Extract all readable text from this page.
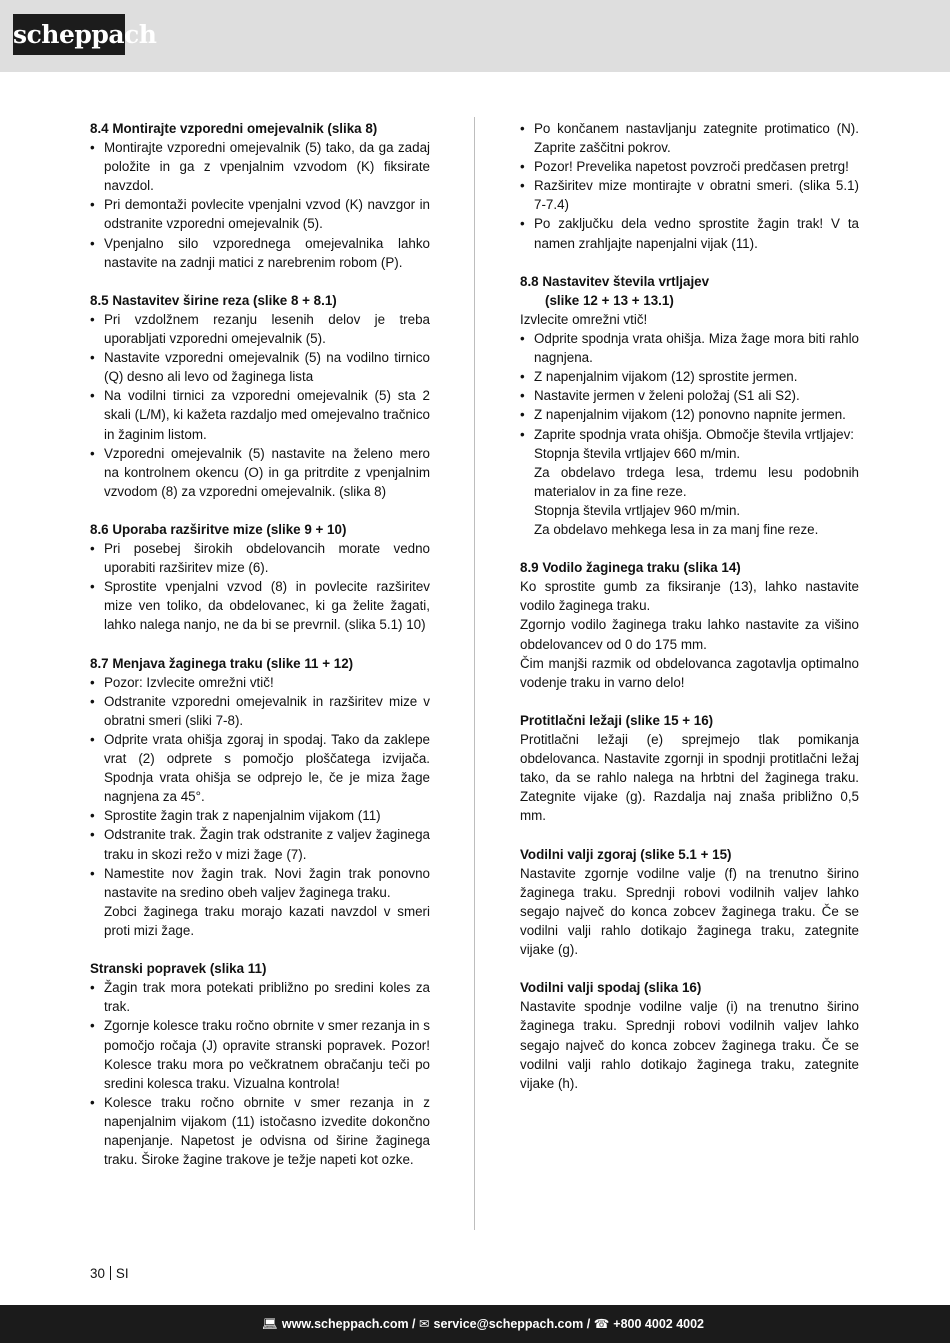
scheppach
8.4 Montirajte vzporedni omejevalnik (slika 8)
• Montirajte vzporedni omejevalnik (5) tako, da ga zadaj položite in ga z vpenjalnim vzvodom (K) fiksirate navzdol.
• Pri demontaži povlecite vpenjalni vzvod (K) navzgor in odstranite vzporedni omejevalnik (5).
• Vpenjalno silo vzporednega omejevalnika lahko nastavite na zadnji matici z narebrenim robom (P).
8.5 Nastavitev širine reza (slike 8 + 8.1)
• Pri vzdolžnem rezanju lesenih delov je treba uporabljati vzporedni omejevalnik (5).
• Nastavite vzporedni omejevalnik (5) na vodilno tirnico (Q) desno ali levo od žaginega lista
• Na vodilni tirnici za vzporedni omejevalnik (5) sta 2 skali (L/M), ki kažeta razdaljo med omejevalno tračnico in žaginim listom.
• Vzporedni omejevalnik (5) nastavite na želeno mero na kontrolnem okencu (O) in ga pritrdite z vpenjalnim vzvodom (8) za vzporedni omejevalnik. (slika 8)
8.6 Uporaba razširitve mize (slike 9 + 10)
• Pri posebej širokih obdelovancih morate vedno uporabiti razširitev mize (6).
• Sprostite vpenjalni vzvod (8) in povlecite razširitev mize ven toliko, da obdelovanec, ki ga želite žagati, lahko nalega nanjo, ne da bi se prevrnil. (slika 5.1) 10)
8.7 Menjava žaginega traku (slike 11 + 12)
• Pozor: Izvlecite omrežni vtič!
• Odstranite vzporedni omejevalnik in razširitev mize v obratni smeri (sliki 7-8).
• Odprite vrata ohišja zgoraj in spodaj. Tako da zaklepe vrat (2) odprete s pomočjo ploščatega izvijača. Spodnja vrata ohišja se odprejo le, če je miza žage nagnjena za 45°.
• Sprostite žagin trak z napenjalnim vijakom (11)
• Odstranite trak. Žagin trak odstranite z valjev žaginega traku in skozi režo v mizi žage (7).
• Namestite nov žagin trak. Novi žagin trak ponovno nastavite na sredino obeh valjev žaginega traku.
Zobci žaginega traku morajo kazati navzdol v smeri proti mizi žage.
Stranski popravek (slika 11)
• Žagin trak mora potekati približno po sredini koles za trak.
• Zgornje kolesce traku ročno obrnite v smer rezanja in s pomočjo ročaja (J) opravite stranski popravek. Pozor! Kolesce traku mora po večkratnem obračanju teči po sredini kolesca traku. Vizualna kontrola!
• Kolesce traku ročno obrnite v smer rezanja in z napenjalnim vijakom (11) istočasno izvedite dokončno napenjanje. Napetost je odvisna od širine žaginega traku. Široke žagine trakove je težje napeti kot ozke.
• Po končanem nastavljanju zategnite protimatico (N). Zaprite zaščitni pokrov.
• Pozor! Prevelika napetost povzroči predčasen pretrg!
• Razširitev mize montirajte v obratni smeri. (slika 5.1) 7-7.4)
• Po zaključku dela vedno sprostite žagin trak! V ta namen zrahljajte napenjalni vijak (11).
8.8 Nastavitev števila vrtljajev
(slike 12 + 13 + 13.1)

Izvlecite omrežni vtič!

• Odprite spodnja vrata ohišja. Miza žage mora biti rahlo nagnjena.
• Z napenjalnim vijakom (12) sprostite jermen.
• Nastavite jermen v želeni položaj (S1 ali S2).
• Z napenjalnim vijakom (12) ponovno napnite jermen.
• Zaprite spodnja vrata ohišja. Območje števila vrtljajev:
Stopnja števila vrtljajev 660 m/min.
Za obdelavo trdega lesa, trdemu lesu podobnih materialov in za fine reze.
Stopnja števila vrtljajev 960 m/min.
Za obdelavo mehkega lesa in za manj fine reze.
8.9 Vodilo žaginega traku (slika 14)

Ko sprostite gumb za fiksiranje (13), lahko nastavite vodilo žaginega traku.

Zgornjo vodilo žaginega traku lahko nastavite za višino obdelovancev od 0 do 175 mm.

Čim manjši razmik od obdelovanca zagotavlja optimalno vodenje traku in varno delo!

Protitlačni ležaji (slike 15 + 16)

Protitlačni ležaji (e) sprejmejo tlak pomikanja obdelovanca. Nastavite zgornji in spodnji protitlačni ležaj tako, da se rahlo nalega na hrbtni del žaginega traku. Zategnite vijake (g). Razdalja naj znaša približno 0,5 mm.

Vodilni valji zgoraj (slike 5.1 + 15)

Nastavite zgornje vodilne valje (f) na trenutno širino žaginega traku. Sprednji robovi vodilnih valjev lahko segajo največ do konca zobcev žaginega traku. Če se vodilni valji rahlo dotikajo žaginega traku, zategnite vijake (g).

Vodilni valji spodaj (slika 16)

Nastavite spodnje vodilne valje (i) na trenutno širino žaginega traku. Sprednji robovi vodilnih valjev lahko segajo največ do konca zobcev žaginega traku. Če se vodilni valji rahlo dotikajo žaginega traku, zategnite vijake (h).

30 SI
💻︎ www.scheppach.com / ✉ service@scheppach.com / ☎ +800 4002 4002
